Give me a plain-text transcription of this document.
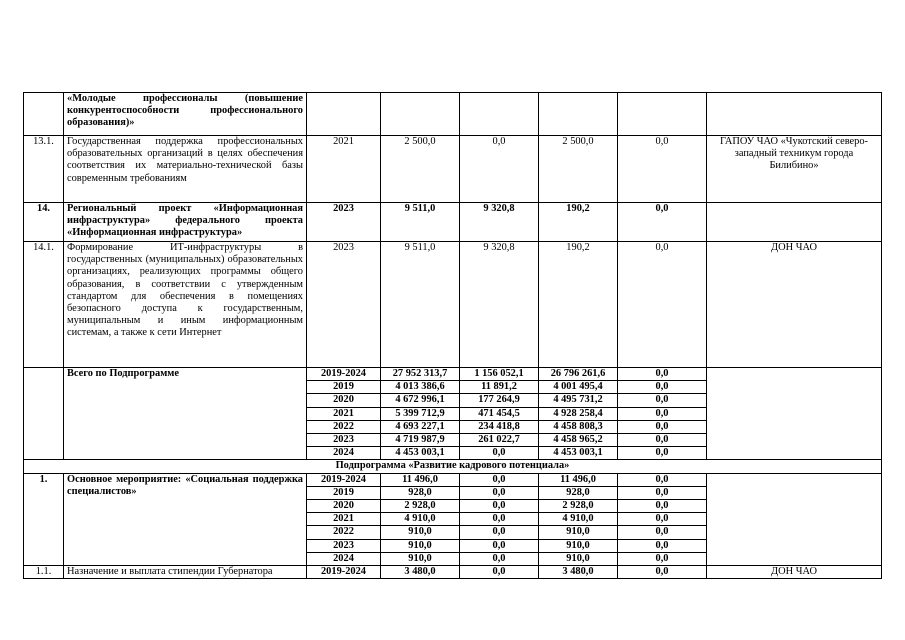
	«Молодые профессионалы (повышение конкурентоспособности профессионального образования)»						
13.1.	Государственная поддержка профессиональных образовательных организаций в целях обеспечения соответствия их материально-технической базы современным требованиям	2021	2 500,0	0,0	2 500,0	0,0	ГАПОУ ЧАО «Чукотский северо-западный техникум города Билибино»
14.	Региональный проект «Информационная инфраструктура» федерального проекта «Информационная инфраструктура»	2023	9 511,0	9 320,8	190,2	0,0	
14.1.	Формирование ИТ-инфраструктуры в государственных (муниципальных) образовательных организациях, реализующих программы общего образования, в соответствии с утвержденным стандартом для обеспечения в помещениях безопасного доступа к государственным, муниципальным и иным информационным системам, а также к сети Интернет	2023	9 511,0	9 320,8	190,2	0,0	ДОН ЧАО
	Всего по Подпрограмме	2019-2024	27 952 313,7	1 156 052,1	26 796 261,6	0,0	
		2019	4 013 386,6	11 891,2	4 001 495,4	0,0	
		2020	4 672 996,1	177 264,9	4 495 731,2	0,0	
		2021	5 399 712,9	471 454,5	4 928 258,4	0,0	
		2022	4 693 227,1	234 418,8	4 458 808,3	0,0	
		2023	4 719 987,9	261 022,7	4 458 965,2	0,0	
		2024	4 453 003,1	0,0	4 453 003,1	0,0	
Подпрограмма «Развитие кадрового потенциала»							
1.	Основное мероприятие: «Социальная поддержка специалистов»	2019-2024	11 496,0	0,0	11 496,0	0,0	
		2019	928,0	0,0	928,0	0,0	
		2020	2 928,0	0,0	2 928,0	0,0	
		2021	4 910,0	0,0	4 910,0	0,0	
		2022	910,0	0,0	910,0	0,0	
		2023	910,0	0,0	910,0	0,0	
		2024	910,0	0,0	910,0	0,0	
1.1.	Назначение и выплата стипендии Губернатора	2019-2024	3 480,0	0,0	3 480,0	0,0	ДОН ЧАО
